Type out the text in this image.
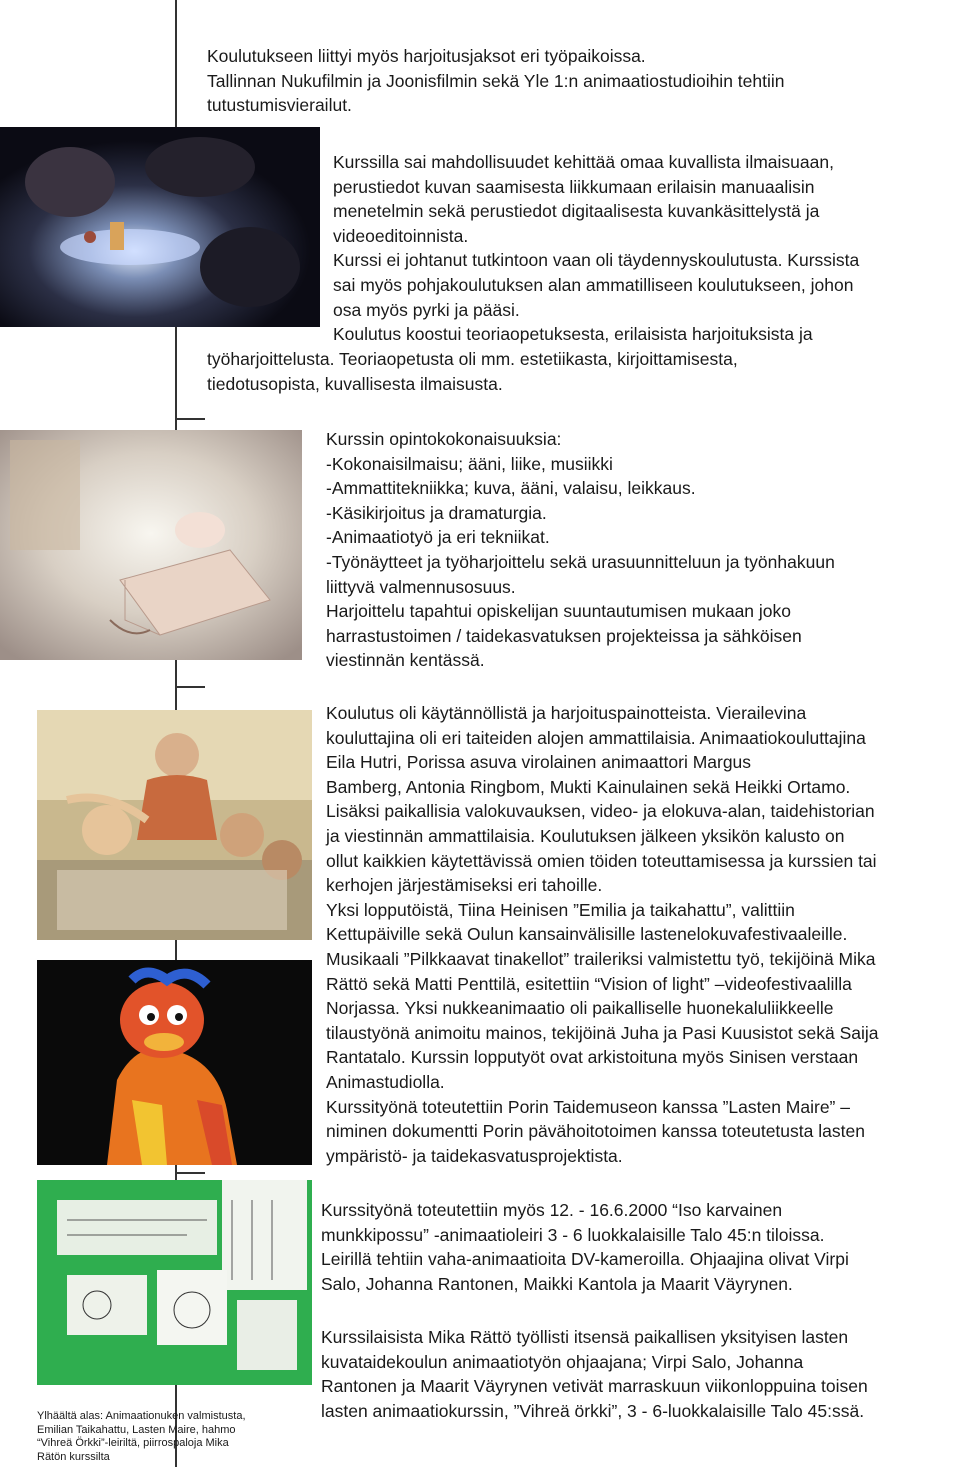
Koulutukseen liittyi myös harjoitusjaksot eri työpaikoissa.
Tallinnan Nukufilmin ja Joonisfilmin sekä Yle 1:n animaatiostudioihin tehtiin
tutustumisvierailut.
Kurssilla sai mahdollisuudet kehittää omaa kuvallista ilmaisuaan,
perustiedot kuvan saamisesta liikkumaan erilaisin manuaalisin
menetelmin sekä perustiedot digitaalisesta kuvankäsittelystä ja
videoeditoinnista.
Kurssi ei johtanut tutkintoon vaan oli täydennyskoulutusta. Kurssista
sai myös pohjakoulutuksen alan ammatilliseen koulutukseen, johon
osa myös pyrki ja pääsi.
Koulutus koostui teoriaopetuksesta, erilaisista harjoituksista ja
työharjoittelusta. Teoriaopetusta oli mm. estetiikasta, kirjoittamisesta,
tiedotusopista, kuvallisesta ilmaisusta.
Kurssin opintokokonaisuuksia:
-Kokonaisilmaisu; ääni, liike, musiikki
-Ammattitekniikka; kuva, ääni, valaisu, leikkaus.
-Käsikirjoitus ja dramaturgia.
-Animaatiotyö ja eri tekniikat.
-Työnäytteet ja työharjoittelu sekä urasuunnitteluun ja työnhakuun
liittyvä valmennusosuus.
Harjoittelu tapahtui opiskelijan suuntautumisen mukaan joko
harrastustoimen / taidekasvatuksen projekteissa ja sähköisen
viestinnän kentässä.
Koulutus oli käytännöllistä ja harjoituspainotteista. Vierailevina
kouluttajina oli eri taiteiden alojen ammattilaisia. Animaatiokouluttajina
Eila Hutri, Porissa asuva virolainen animaattori Margus
Bamberg, Antonia Ringbom, Mukti Kainulainen sekä Heikki Ortamo.
Lisäksi paikallisia valokuvauksen, video- ja elokuva-alan, taidehistorian
ja viestinnän ammattilaisia. Koulutuksen jälkeen yksikön kalusto on
ollut kaikkien käytettävissä omien töiden toteuttamisessa ja kurssien tai
kerhojen järjestämiseksi eri tahoille.
Yksi lopputöistä, Tiina Heinisen ”Emilia ja taikahattu”, valittiin
Kettupäiville sekä Oulun kansainvälisille lastenelokuvafestivaaleille.
Musikaali ”Pilkkaavat tinakellot” traileriksi valmistettu työ, tekijöinä Mika
Rättö sekä Matti Penttilä, esitettiin “Vision of light” –videofestivaalilla
Norjassa. Yksi nukkeanimaatio oli paikalliselle huonekaluliikkeelle
tilaustyönä animoitu mainos, tekijöinä Juha ja Pasi Kuusistot sekä Saija
Rantatalo. Kurssin lopputyöt ovat arkistoituna myös Sinisen verstaan
Animastudiolla.
Kurssityönä toteutettiin Porin Taidemuseon kanssa ”Lasten Maire” –
niminen dokumentti Porin pävähoitotoimen kanssa toteutetusta lasten
ympäristö- ja taidekasvatusprojektista.
Kurssityönä toteutettiin myös 12. - 16.6.2000 “Iso karvainen
munkkipossu” -animaatioleiri 3 - 6 luokkalaisille Talo 45:n tiloissa.
Leirillä tehtiin vaha-animaatioita DV-kameroilla. Ohjaajina olivat Virpi
Salo, Johanna Rantonen, Maikki Kantola ja Maarit Väyrynen.
Kurssilaisista Mika Rättö työllisti itsensä paikallisen yksityisen lasten
kuvataidekoulun animaatiotyön ohjaajana; Virpi Salo, Johanna
Rantonen ja Maarit Väyrynen vetivät marraskuun viikonloppuina toisen
lasten animaatiokurssin, ”Vihreä örkki”, 3 - 6-luokkalaisille Talo 45:ssä.
Ylhäältä alas: Animaationuken valmistusta,
Emilian Taikahattu, Lasten Maire, hahmo
“Vihreä Örkki”-leiriltä, piirrospaloja Mika
Rätön kurssilta
